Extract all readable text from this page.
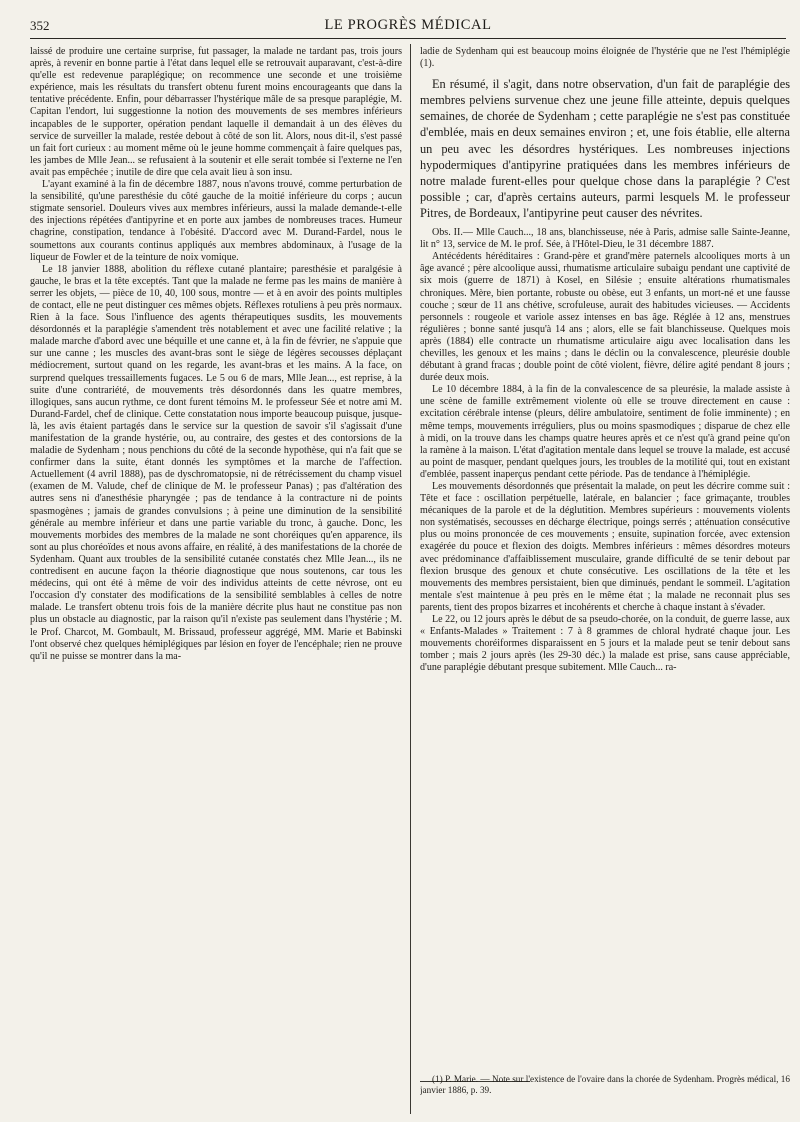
352	LE PROGRÈS MÉDICAL

laissé de produire une certaine surprise, fut passager, la malade ne tardant pas, trois jours après, à revenir en bonne partie à l'état dans lequel elle se retrouvait auparavant, c'est-à-dire qu'elle est redevenue paraplégique; on recommence une seconde et une troisième expérience, mais les résultats du transfert obtenu furent moins encourageants que dans la tentative précédente. Enfin, pour débarrasser l'hystérique mâle de sa presque paraplégie, M. Capitan l'endort, lui suggestionne la notion des mouvements de ses membres inférieurs incapables de le supporter, opération pendant laquelle il demandait à un des élèves du service de surveiller la malade, restée debout à côté de son lit. Alors, nous dit-il, s'est passé un fait fort curieux : au moment même où le jeune homme commençait à faire quelques pas, les jambes de Mlle Jean... se refusaient à la soutenir et elle serait tombée si l'externe ne l'en avait pas empêchée ; inutile de dire que cela avait lieu à son insu.

L'ayant examiné à la fin de décembre 1887, nous n'avons trouvé, comme perturbation de la sensibilité, qu'une paresthésie du côté gauche de la moitié inférieure du corps ; aucun stigmate sensoriel. Douleurs vives aux membres inférieurs, aussi la malade demande-t-elle des injections répétées d'antipyrine et en porte aux jambes de nombreuses traces. Humeur chagrine, constipation, tendance à l'obésité. D'accord avec M. Durand-Fardel, nous le soumettons aux courants continus appliqués aux membres abdominaux, à l'usage de la liqueur de Fowler et de la teinture de noix vomique.

Le 18 janvier 1888, abolition du réflexe cutané plantaire; paresthésie et paralgésie à gauche, le bras et la tête exceptés. Tant que la malade ne ferme pas les mains de manière à serrer les objets, — pièce de 10, 40, 100 sous, montre — et à en avoir des points multiples de contact, elle ne peut distinguer ces mêmes objets. Réflexes rotuliens à peu près normaux. Rien à la face. Sous l'influence des agents thérapeutiques susdits, les mouvements désordonnés et la paraplégie s'amendent très notablement et avec une facilité relative ; la malade marche d'abord avec une béquille et une canne et, à la fin de février, ne s'appuie que sur une canne ; les muscles des avant-bras sont le siège de légères secousses déplaçant médiocrement, surtout quand on les regarde, les avant-bras et les mains. A la face, on surprend quelques tressaillements fugaces. Le 5 ou 6 de mars, Mlle Jean..., est reprise, à la suite d'une contrariété, de mouvements très désordonnés dans les quatre membres, illogiques, sans aucun rythme, ce dont furent témoins M. le professeur Sée et notre ami M. Durand-Fardel, chef de clinique. Cette constatation nous importe beaucoup puisque, jusque-là, les avis étaient partagés dans le service sur la question de savoir s'il s'agissait d'une manifestation de la grande hystérie, ou, au contraire, des gestes et des contorsions de la maladie de Sydenham ; nous penchions du côté de la seconde hypothèse, qui n'a fait que se confirmer dans la suite, étant donnés les symptômes et la marche de l'affection. Actuellement (4 avril 1888), pas de dyschromatopsie, ni de rétrécissement du champ visuel (examen de M. Valude, chef de clinique de M. le professeur Panas) ; pas d'altération des autres sens ni d'anesthésie pharyngée ; pas de tendance à la contracture ni de points spasmogènes ; jamais de grandes convulsions ; à peine une diminution de la sensibilité générale au membre inférieur et dans une partie variable du tronc, à gauche. Donc, les mouvements morbides des membres de la malade ne sont choréiques qu'en apparence, ils sont au plus choréoïdes et nous avons affaire, en réalité, à des manifestations de la chorée de Sydenham. Quant aux troubles de la sensibilité cutanée constatés chez Mlle Jean..., ils ne contredisent en aucune façon la théorie diagnostique que nous soutenons, car tous les médecins, qui ont été à même de voir des individus atteints de cette névrose, ont eu l'occasion d'y constater des modifications de la sensibilité semblables à celles de notre malade. Le transfert obtenu trois fois de la manière décrite plus haut ne constitue pas non plus un obstacle au diagnostic, par la raison qu'il n'existe pas seulement dans l'hystérie ; M. le Prof. Charcot, M. Gombault, M. Brissaud, professeur aggrégé, MM. Marie et Babinski l'ont observé chez quelques hémiplégiques par lésion en foyer de l'encéphale; rien ne prouve qu'il ne puisse se montrer dans la ma-

ladie de Sydenham qui est beaucoup moins éloignée de l'hystérie que ne l'est l'hémiplégie (1).

En résumé, il s'agit, dans notre observation, d'un fait de paraplégie des membres pelviens survenue chez une jeune fille atteinte, depuis quelques semaines, de chorée de Sydenham ; cette paraplégie ne s'est pas constituée d'emblée, mais en deux semaines environ ; et, une fois établie, elle alterna un peu avec les désordres hystériques. Les nombreuses injections hypodermiques d'antipyrine pratiquées dans les membres inférieurs de notre malade furent-elles pour quelque chose dans la paraplégie ? C'est possible ; car, d'après certains auteurs, parmi lesquels M. le professeur Pitres, de Bordeaux, l'antipyrine peut causer des névrites.

Obs. II.— Mlle Cauch..., 18 ans, blanchisseuse, née à Paris, admise salle Sainte-Jeanne, lit n° 13, service de M. le prof. Sée, à l'Hôtel-Dieu, le 31 décembre 1887.

Antécédents héréditaires : Grand-père et grand'mère paternels alcooliques morts à un âge avancé ; père alcoolique aussi, rhumatisme articulaire subaigu pendant une captivité de six mois (guerre de 1871) à Kosel, en Silésie ; ensuite altérations rhumatismales chroniques. Mère, bien portante, robuste ou obèse, eut 3 enfants, un mort-né et une fausse couche ; sœur de 11 ans chétive, scrofuleuse, aurait des habitudes vicieuses. — Accidents personnels : rougeole et variole assez intenses en bas âge. Réglée à 12 ans, menstrues régulières ; bonne santé jusqu'à 14 ans ; alors, elle se fait blanchisseuse. Quelques mois après (1884) elle contracte un rhumatisme articulaire aigu avec localisation dans les chevilles, les genoux et les mains ; dans le déclin ou la convalescence, pleurésie double débutant à grand fracas ; double point de côté violent, fièvre, délire agité pendant 8 jours ; durée deux mois.

Le 10 décembre 1884, à la fin de la convalescence de sa pleurésie, la malade assiste à une scène de famille extrêmement violente où elle se trouve directement en cause : excitation cérébrale intense (pleurs, délire ambulatoire, sentiment de folie imminente) ; en même temps, mouvements irréguliers, plus ou moins spasmodiques ; disparue de chez elle à midi, on la trouve dans les champs quatre heures après et ce n'est qu'à grand peine qu'on la ramène à la maison. L'état d'agitation mentale dans lequel se trouve la malade, est accusé au point de masquer, pendant quelques jours, les troubles de la motilité qui, tout en existant d'emblée, passent inaperçus pendant cette période. Pas de tendance à l'hémiplégie.

Les mouvements désordonnés que présentait la malade, on peut les décrire comme suit : Tête et face : oscillation perpétuelle, latérale, en balancier ; face grimaçante, troubles mécaniques de la parole et de la déglutition. Membres supérieurs : mouvements violents non systématisés, secousses en décharge électrique, poings serrés ; atténuation consécutive plus ou moins prononcée de ces mouvements ; ensuite, supination forcée, avec extension exagérée du pouce et flexion des doigts. Membres inférieurs : mêmes désordres moteurs avec prédominance d'affaiblissement musculaire, grande difficulté de se tenir debout par flexion brusque des genoux et chute consécutive. Les oscillations de la tête et les mouvements des membres persistaient, bien que diminués, pendant le sommeil. L'agitation mentale s'est maintenue à peu près en le même état ; la malade ne reconnait plus ses parents, tient des propos bizarres et incohérents et cherche à chaque instant à s'évader.

Le 22, ou 12 jours après le début de sa pseudo-chorée, on la conduit, de guerre lasse, aux « Enfants-Malades » Traitement : 7 à 8 grammes de chloral hydraté chaque jour. Les mouvements choréiformes disparaissent en 5 jours et la malade peut se tenir debout sans tomber ; mais 2 jours après (les 29-30 déc.) la malade est prise, sans cause appréciable, d'une paraplégie débutant presque subitement. Mlle Cauch... ra-

(1) P. Marie. — Note sur l'existence de l'ovaire dans la chorée de Sydenham. Progrès médical, 16 janvier 1886, p. 39.
